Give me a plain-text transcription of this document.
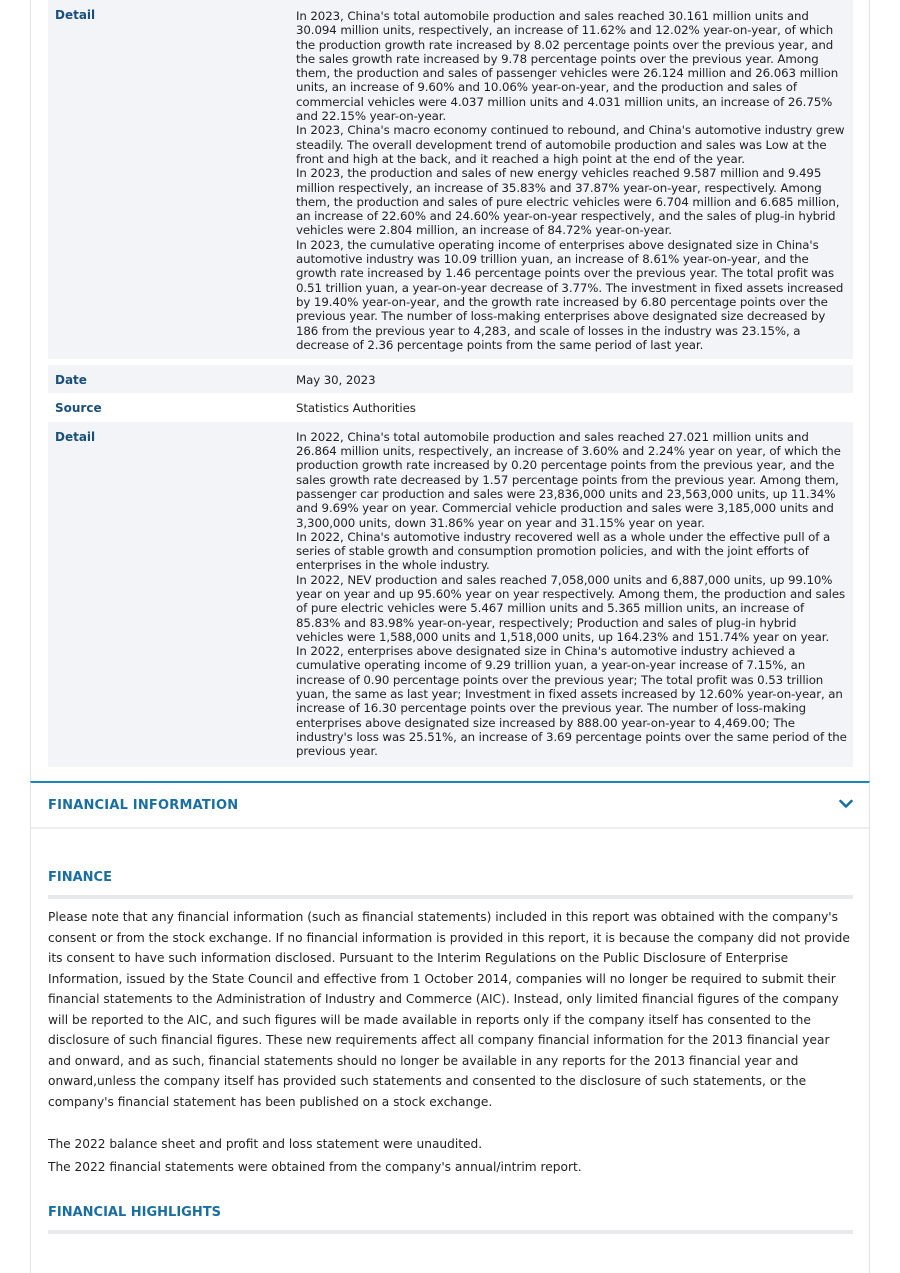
Detail	In 2023, China's total automobile production and sales reached 30.161 million units and 30.094 million units, respectively, an increase of 11.62% and 12.02% year-on-year, of which the production growth rate increased by 8.02 percentage points over the previous year, and the sales growth rate increased by 9.78 percentage points over the previous year. Among them, the production and sales of passenger vehicles were 26.124 million and 26.063 million units, an increase of 9.60% and 10.06% year-on-year, and the production and sales of commercial vehicles were 4.037 million units and 4.031 million units, an increase of 26.75% and 22.15% year-on-year.
In 2023, China's macro economy continued to rebound, and China's automotive industry grew steadily. The overall development trend of automobile production and sales was Low at the front and high at the back, and it reached a high point at the end of the year.
In 2023, the production and sales of new energy vehicles reached 9.587 million and 9.495 million respectively, an increase of 35.83% and 37.87% year-on-year, respectively. Among them, the production and sales of pure electric vehicles were 6.704 million and 6.685 million, an increase of 22.60% and 24.60% year-on-year respectively, and the sales of plug-in hybrid vehicles were 2.804 million, an increase of 84.72% year-on-year.
In 2023, the cumulative operating income of enterprises above designated size in China's automotive industry was 10.09 trillion yuan, an increase of 8.61% year-on-year, and the growth rate increased by 1.46 percentage points over the previous year. The total profit was 0.51 trillion yuan, a year-on-year decrease of 3.77%. The investment in fixed assets increased by 19.40% year-on-year, and the growth rate increased by 6.80 percentage points over the previous year. The number of loss-making enterprises above designated size decreased by 186 from the previous year to 4,283, and scale of losses in the industry was 23.15%, a decrease of 2.36 percentage points from the same period of last year.

Date	May 30, 2023
Source	Statistics Authorities
Detail	In 2022, China's total automobile production and sales reached 27.021 million units and 26.864 million units, respectively, an increase of 3.60% and 2.24% year on year, of which the production growth rate increased by 0.20 percentage points from the previous year, and the sales growth rate decreased by 1.57 percentage points from the previous year. Among them, passenger car production and sales were 23,836,000 units and 23,563,000 units, up 11.34% and 9.69% year on year. Commercial vehicle production and sales were 3,185,000 units and 3,300,000 units, down 31.86% year on year and 31.15% year on year.
In 2022, China's automotive industry recovered well as a whole under the effective pull of a series of stable growth and consumption promotion policies, and with the joint efforts of enterprises in the whole industry.
In 2022, NEV production and sales reached 7,058,000 units and 6,887,000 units, up 99.10% year on year and up 95.60% year on year respectively. Among them, the production and sales of pure electric vehicles were 5.467 million units and 5.365 million units, an increase of 85.83% and 83.98% year-on-year, respectively; Production and sales of plug-in hybrid vehicles were 1,588,000 units and 1,518,000 units, up 164.23% and 151.74% year on year.
In 2022, enterprises above designated size in China's automotive industry achieved a cumulative operating income of 9.29 trillion yuan, a year-on-year increase of 7.15%, an increase of 0.90 percentage points over the previous year; The total profit was 0.53 trillion yuan, the same as last year; Investment in fixed assets increased by 12.60% year-on-year, an increase of 16.30 percentage points over the previous year. The number of loss-making enterprises above designated size increased by 888.00 year-on-year to 4,469.00; The industry's loss was 25.51%, an increase of 3.69 percentage points over the same period of the previous year.
FINANCIAL INFORMATION
FINANCE
Please note that any financial information (such as financial statements) included in this report was obtained with the company's consent or from the stock exchange. If no financial information is provided in this report, it is because the company did not provide its consent to have such information disclosed. Pursuant to the Interim Regulations on the Public Disclosure of Enterprise Information, issued by the State Council and effective from 1 October 2014, companies will no longer be required to submit their financial statements to the Administration of Industry and Commerce (AIC). Instead, only limited financial figures of the company will be reported to the AIC, and such figures will be made available in reports only if the company itself has consented to the disclosure of such financial figures. These new requirements affect all company financial information for the 2013 financial year and onward, and as such, financial statements should no longer be available in any reports for the 2013 financial year and onward,unless the company itself has provided such statements and consented to the disclosure of such statements, or the company's financial statement has been published on a stock exchange.
The 2022 balance sheet and profit and loss statement were unaudited.
The 2022 financial statements were obtained from the company's annual/intrim report.
FINANCIAL HIGHLIGHTS
